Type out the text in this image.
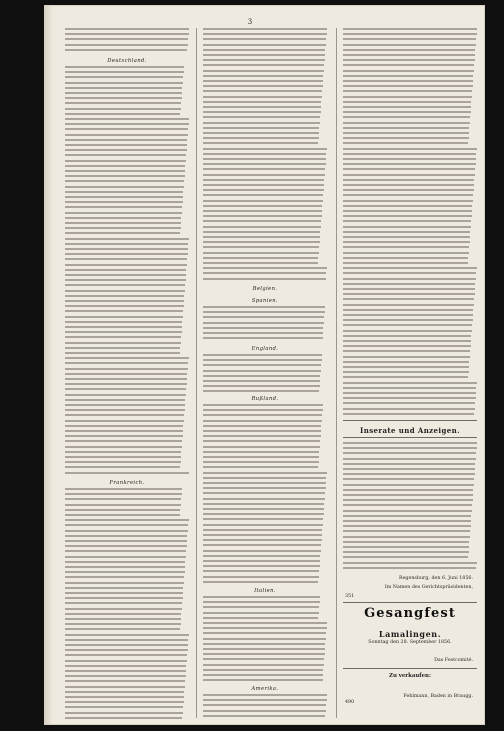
3
Deutschland.
Frankreich.
Belgien.
Spanien.
England.
Rußland.
Italien.
Amerika.
Inserate und Anzeigen.
Regensburg, den 6. Juni 1856.
Im Namen des Gerichtspräsidenten,
351
Gesangfest
Lamalingen.
Sonntag den 28. September 1856.
Das Festcomité.
Zu verkaufen:
Fehlmann, Baden in Braugg.
490
